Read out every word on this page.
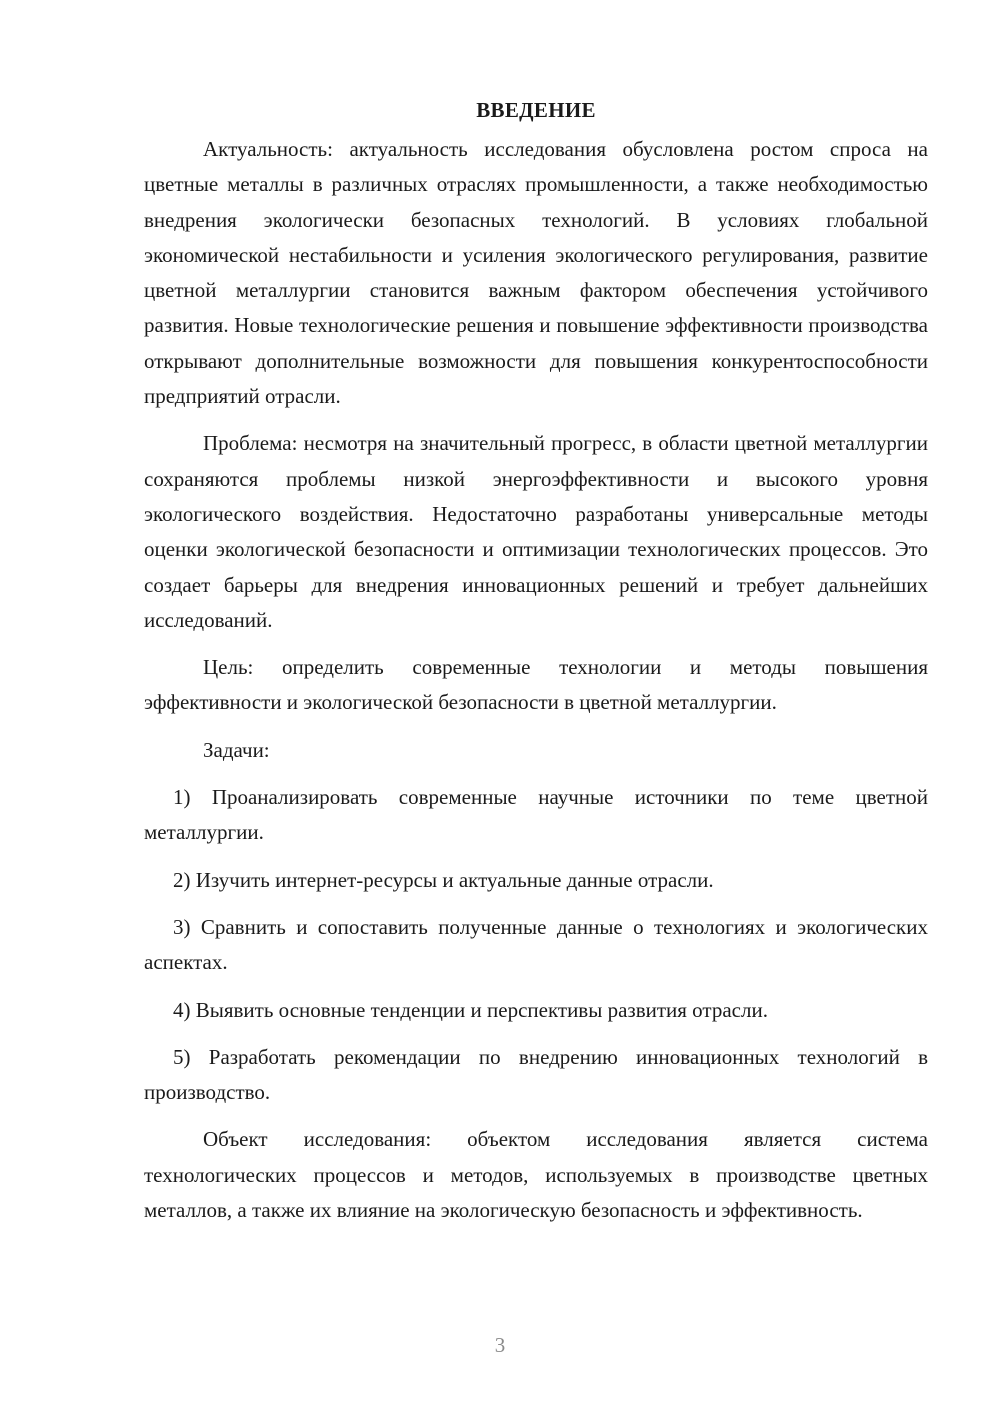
ВВЕДЕНИЕ

Актуальность: актуальность исследования обусловлена ростом спроса на цветные металлы в различных отраслях промышленности, а также необходимостью внедрения экологически безопасных технологий. В условиях глобальной экономической нестабильности и усиления экологического регулирования, развитие цветной металлургии становится важным фактором обеспечения устойчивого развития. Новые технологические решения и повышение эффективности производства открывают дополнительные возможности для повышения конкурентоспособности предприятий отрасли.

Проблема: несмотря на значительный прогресс, в области цветной металлургии сохраняются проблемы низкой энергоэффективности и высокого уровня экологического воздействия. Недостаточно разработаны универсальные методы оценки экологической безопасности и оптимизации технологических процессов. Это создает барьеры для внедрения инновационных решений и требует дальнейших исследований.

Цель: определить современные технологии и методы повышения эффективности и экологической безопасности в цветной металлургии.

Задачи:

1) Проанализировать современные научные источники по теме цветной металлургии.

2) Изучить интернет-ресурсы и актуальные данные отрасли.

3) Сравнить и сопоставить полученные данные о технологиях и экологических аспектах.

4) Выявить основные тенденции и перспективы развития отрасли.

5) Разработать рекомендации по внедрению инновационных технологий в производство.

Объект исследования: объектом исследования является система технологических процессов и методов, используемых в производстве цветных металлов, а также их влияние на экологическую безопасность и эффективность.

3
